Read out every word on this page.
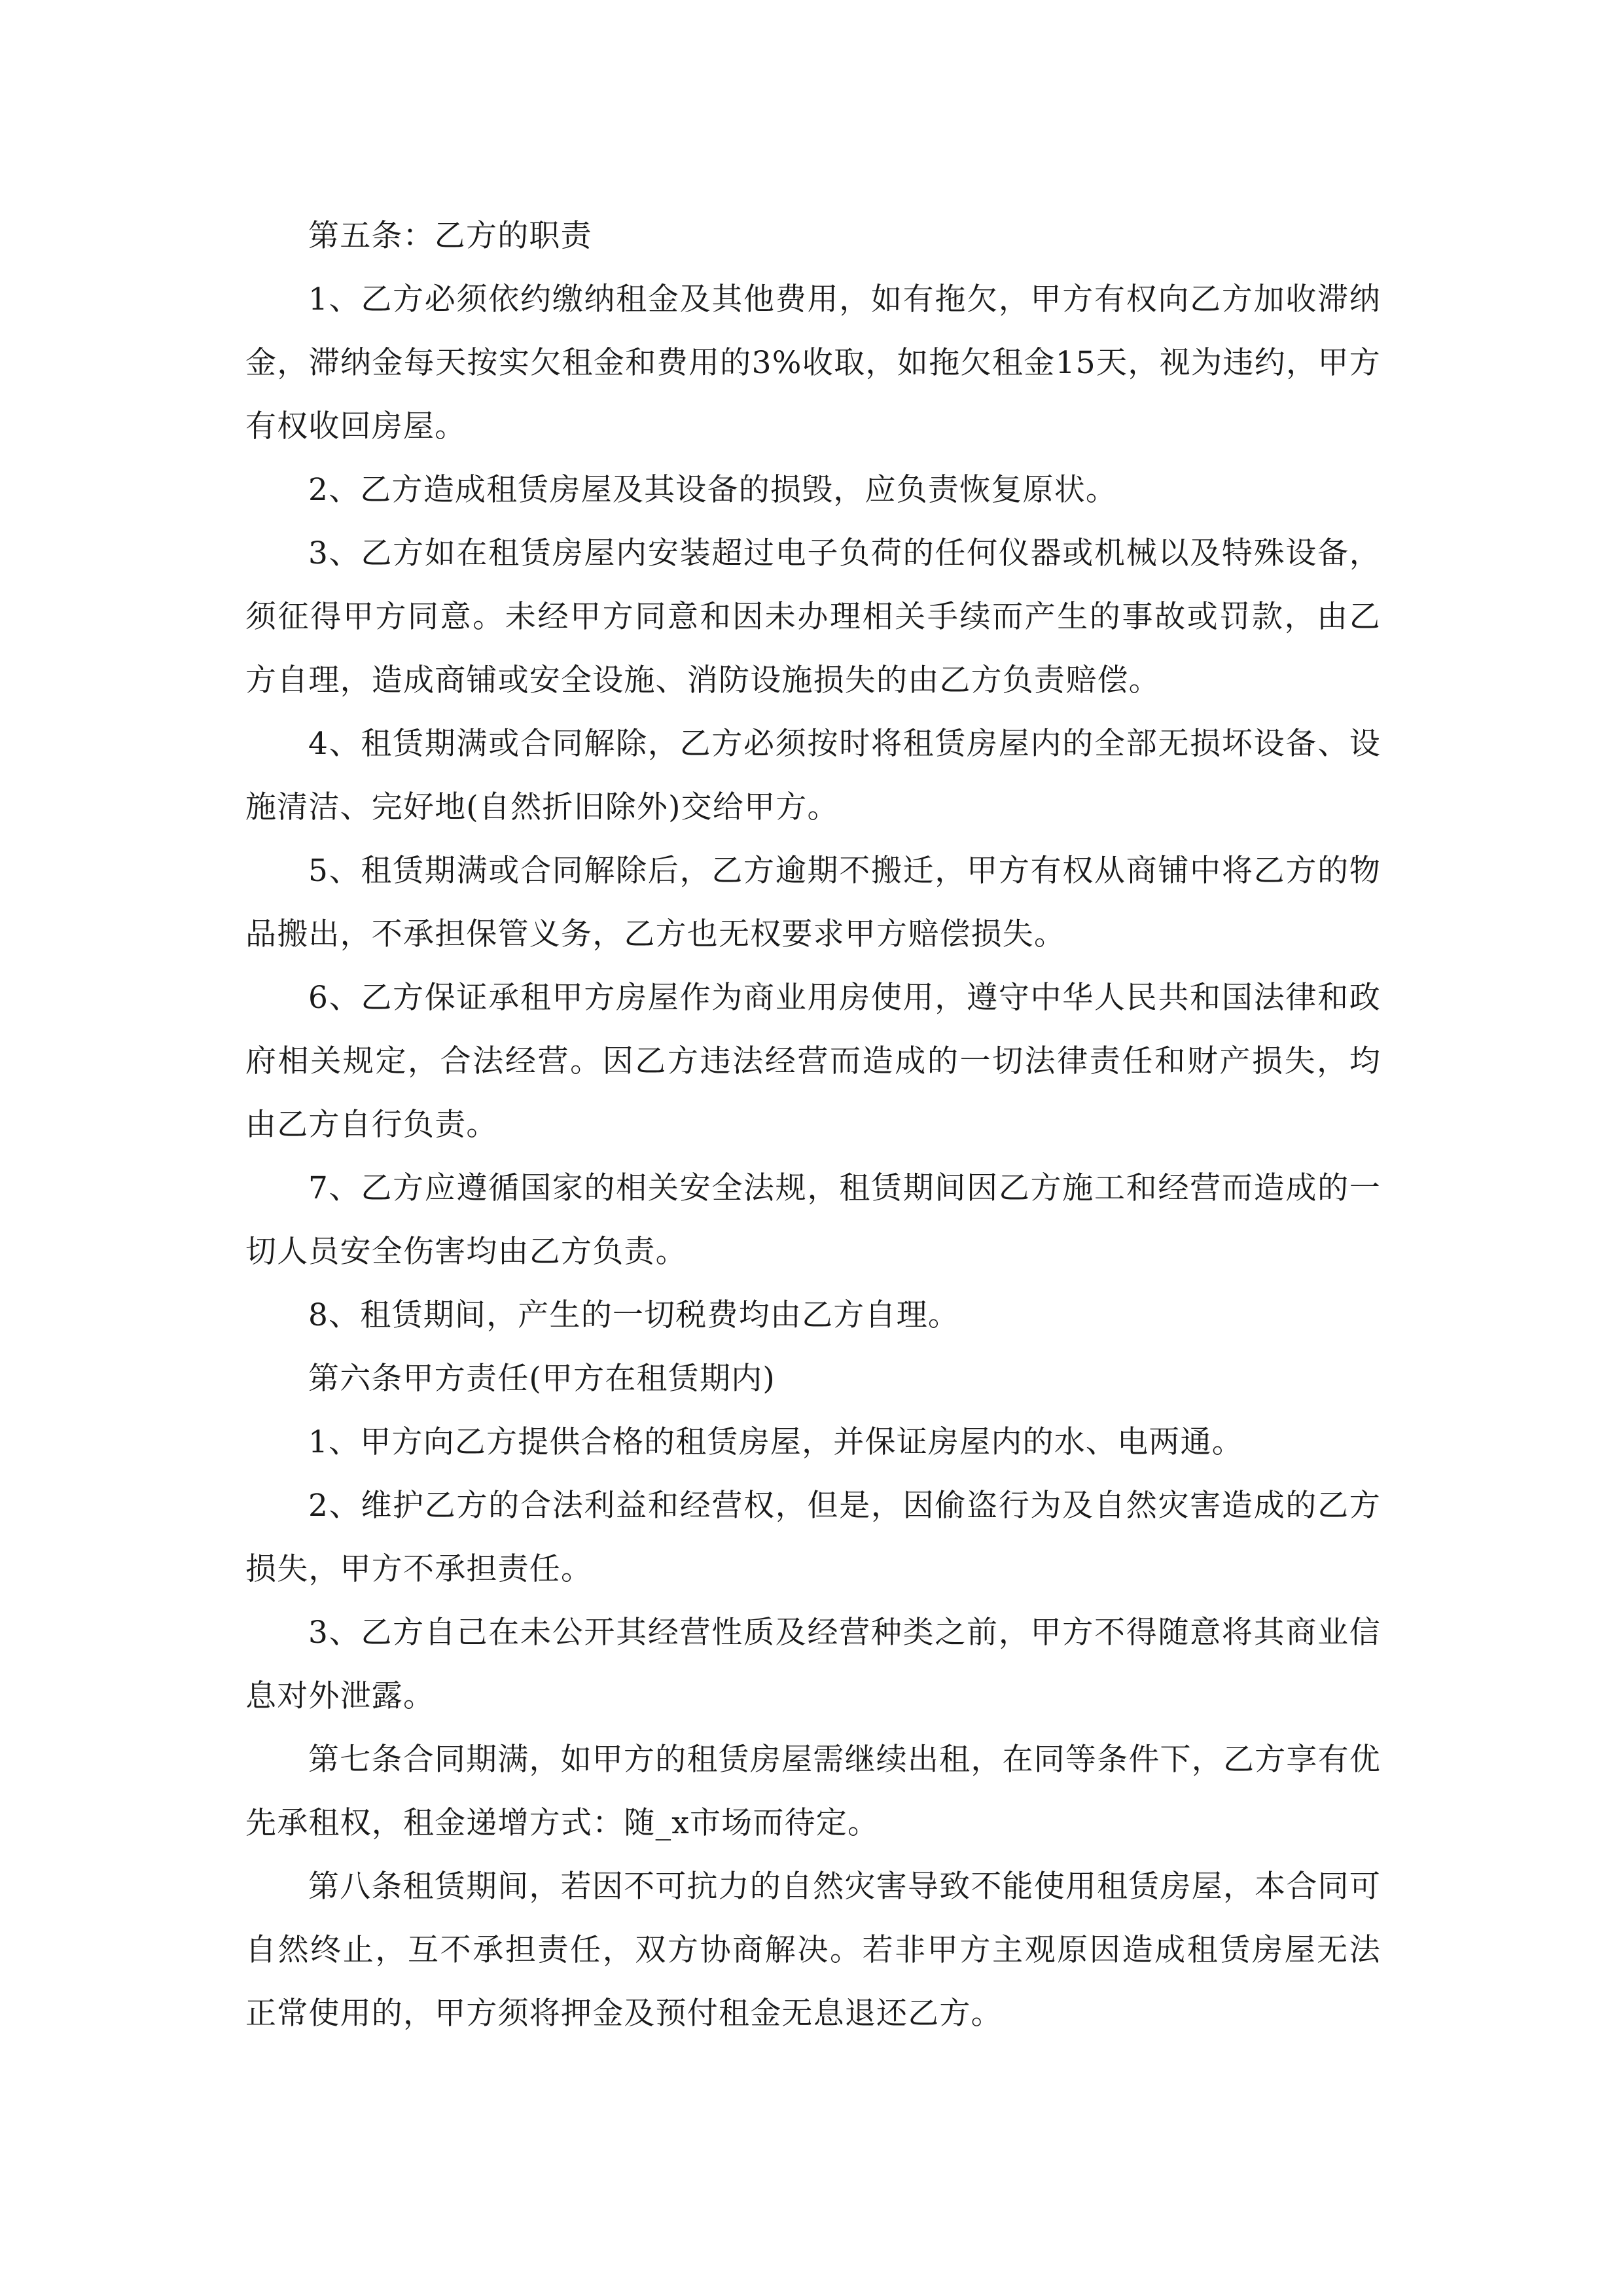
第五条：乙方的职责

1、乙方必须依约缴纳租金及其他费用，如有拖欠，甲方有权向乙方加收滞纳金，滞纳金每天按实欠租金和费用的3%收取，如拖欠租金15天，视为违约，甲方有权收回房屋。

2、乙方造成租赁房屋及其设备的损毁，应负责恢复原状。

3、乙方如在租赁房屋内安装超过电子负荷的任何仪器或机械以及特殊设备，须征得甲方同意。未经甲方同意和因未办理相关手续而产生的事故或罚款，由乙方自理，造成商铺或安全设施、消防设施损失的由乙方负责赔偿。

4、租赁期满或合同解除，乙方必须按时将租赁房屋内的全部无损坏设备、设施清洁、完好地(自然折旧除外)交给甲方。

5、租赁期满或合同解除后，乙方逾期不搬迁，甲方有权从商铺中将乙方的物品搬出，不承担保管义务，乙方也无权要求甲方赔偿损失。

6、乙方保证承租甲方房屋作为商业用房使用，遵守中华人民共和国法律和政府相关规定，合法经营。因乙方违法经营而造成的一切法律责任和财产损失，均由乙方自行负责。

7、乙方应遵循国家的相关安全法规，租赁期间因乙方施工和经营而造成的一切人员安全伤害均由乙方负责。

8、租赁期间，产生的一切税费均由乙方自理。

第六条甲方责任(甲方在租赁期内)

1、甲方向乙方提供合格的租赁房屋，并保证房屋内的水、电两通。

2、维护乙方的合法利益和经营权，但是，因偷盗行为及自然灾害造成的乙方损失，甲方不承担责任。

3、乙方自己在未公开其经营性质及经营种类之前，甲方不得随意将其商业信息对外泄露。

第七条合同期满，如甲方的租赁房屋需继续出租，在同等条件下，乙方享有优先承租权，租金递增方式：随_x市场而待定。

第八条租赁期间，若因不可抗力的自然灾害导致不能使用租赁房屋，本合同可自然终止，互不承担责任，双方协商解决。若非甲方主观原因造成租赁房屋无法正常使用的，甲方须将押金及预付租金无息退还乙方。
